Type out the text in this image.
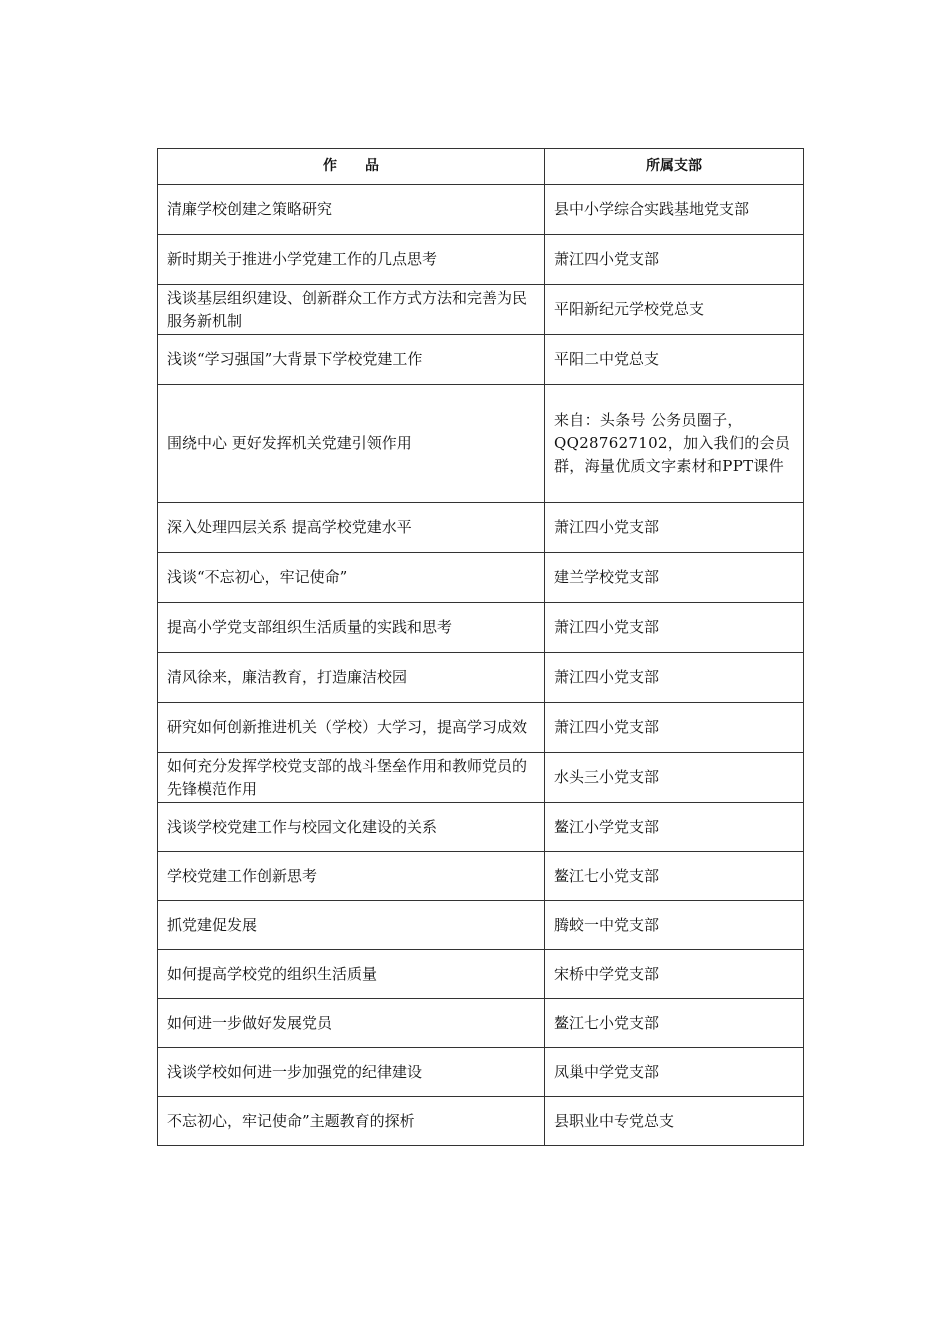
作　　品	所属支部
清廉学校创建之策略研究	县中小学综合实践基地党支部
新时期关于推进小学党建工作的几点思考	萧江四小党支部
浅谈基层组织建设、创新群众工作方式方法和完善为民服务新机制	平阳新纪元学校党总支
浅谈“学习强国”大背景下学校党建工作	平阳二中党总支
围绕中心 更好发挥机关党建引领作用	来自：头条号 公务员圈子，QQ287627102，加入我们的会员群，海量优质文字素材和PPT课件
深入处理四层关系 提高学校党建水平	萧江四小党支部
浅谈“不忘初心，牢记使命”	建兰学校党支部
提高小学党支部组织生活质量的实践和思考	萧江四小党支部
清风徐来，廉洁教育，打造廉洁校园	萧江四小党支部
研究如何创新推进机关（学校）大学习，提高学习成效	萧江四小党支部
如何充分发挥学校党支部的战斗堡垒作用和教师党员的先锋模范作用	水头三小党支部
浅谈学校党建工作与校园文化建设的关系	鳌江小学党支部
学校党建工作创新思考	鳌江七小党支部
抓党建促发展	腾蛟一中党支部
如何提高学校党的组织生活质量	宋桥中学党支部
如何进一步做好发展党员	鳌江七小党支部
浅谈学校如何进一步加强党的纪律建设	凤巢中学党支部
不忘初心，牢记使命”主题教育的探析	县职业中专党总支
